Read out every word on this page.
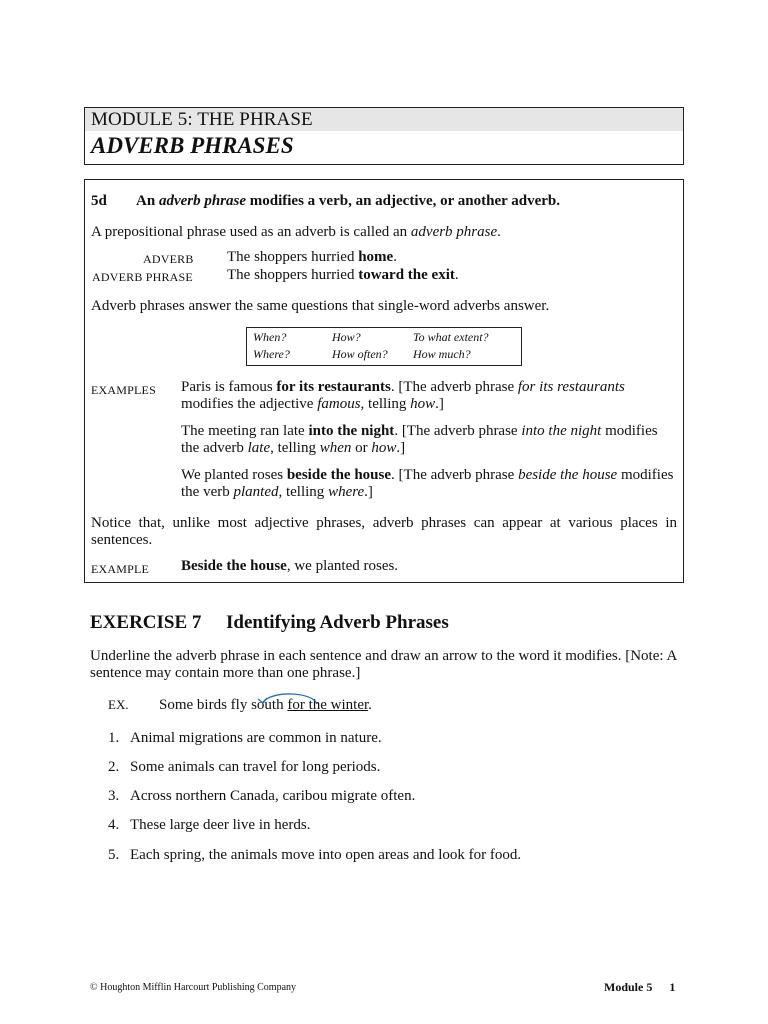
MODULE 5: THE PHRASE
ADVERB PHRASES
5d An adverb phrase modifies a verb, an adjective, or another adverb.
A prepositional phrase used as an adverb is called an adverb phrase.
ADVERB The shoppers hurried home.
ADVERB PHRASE The shoppers hurried toward the exit.
Adverb phrases answer the same questions that single-word adverbs answer.
When?	How?	To what extent?
Where?	How often? How much?
EXAMPLES Paris is famous for its restaurants. [The adverb phrase for its restaurants
modifies the adjective famous, telling how.]
The meeting ran late into the night. [The adverb phrase into the night modifies
the adverb late, telling when or how.]
We planted roses beside the house. [The adverb phrase beside the house modifies
the verb planted, telling where.]
Notice that, unlike most adjective phrases, adverb phrases can appear at various places in sentences.
EXAMPLE Beside the house, we planted roses.
EXERCISE 7 Identifying Adverb Phrases
Underline the adverb phrase in each sentence and draw an arrow to the word it modifies. [Note: A sentence may contain more than one phrase.]
EX. Some birds fly south for the winter.
1. Animal migrations are common in nature.
2. Some animals can travel for long periods.
3. Across northern Canada, caribou migrate often.
4. These large deer live in herds.
5. Each spring, the animals move into open areas and look for food.
© Houghton Mifflin Harcourt Publishing Company	Module 5 1
